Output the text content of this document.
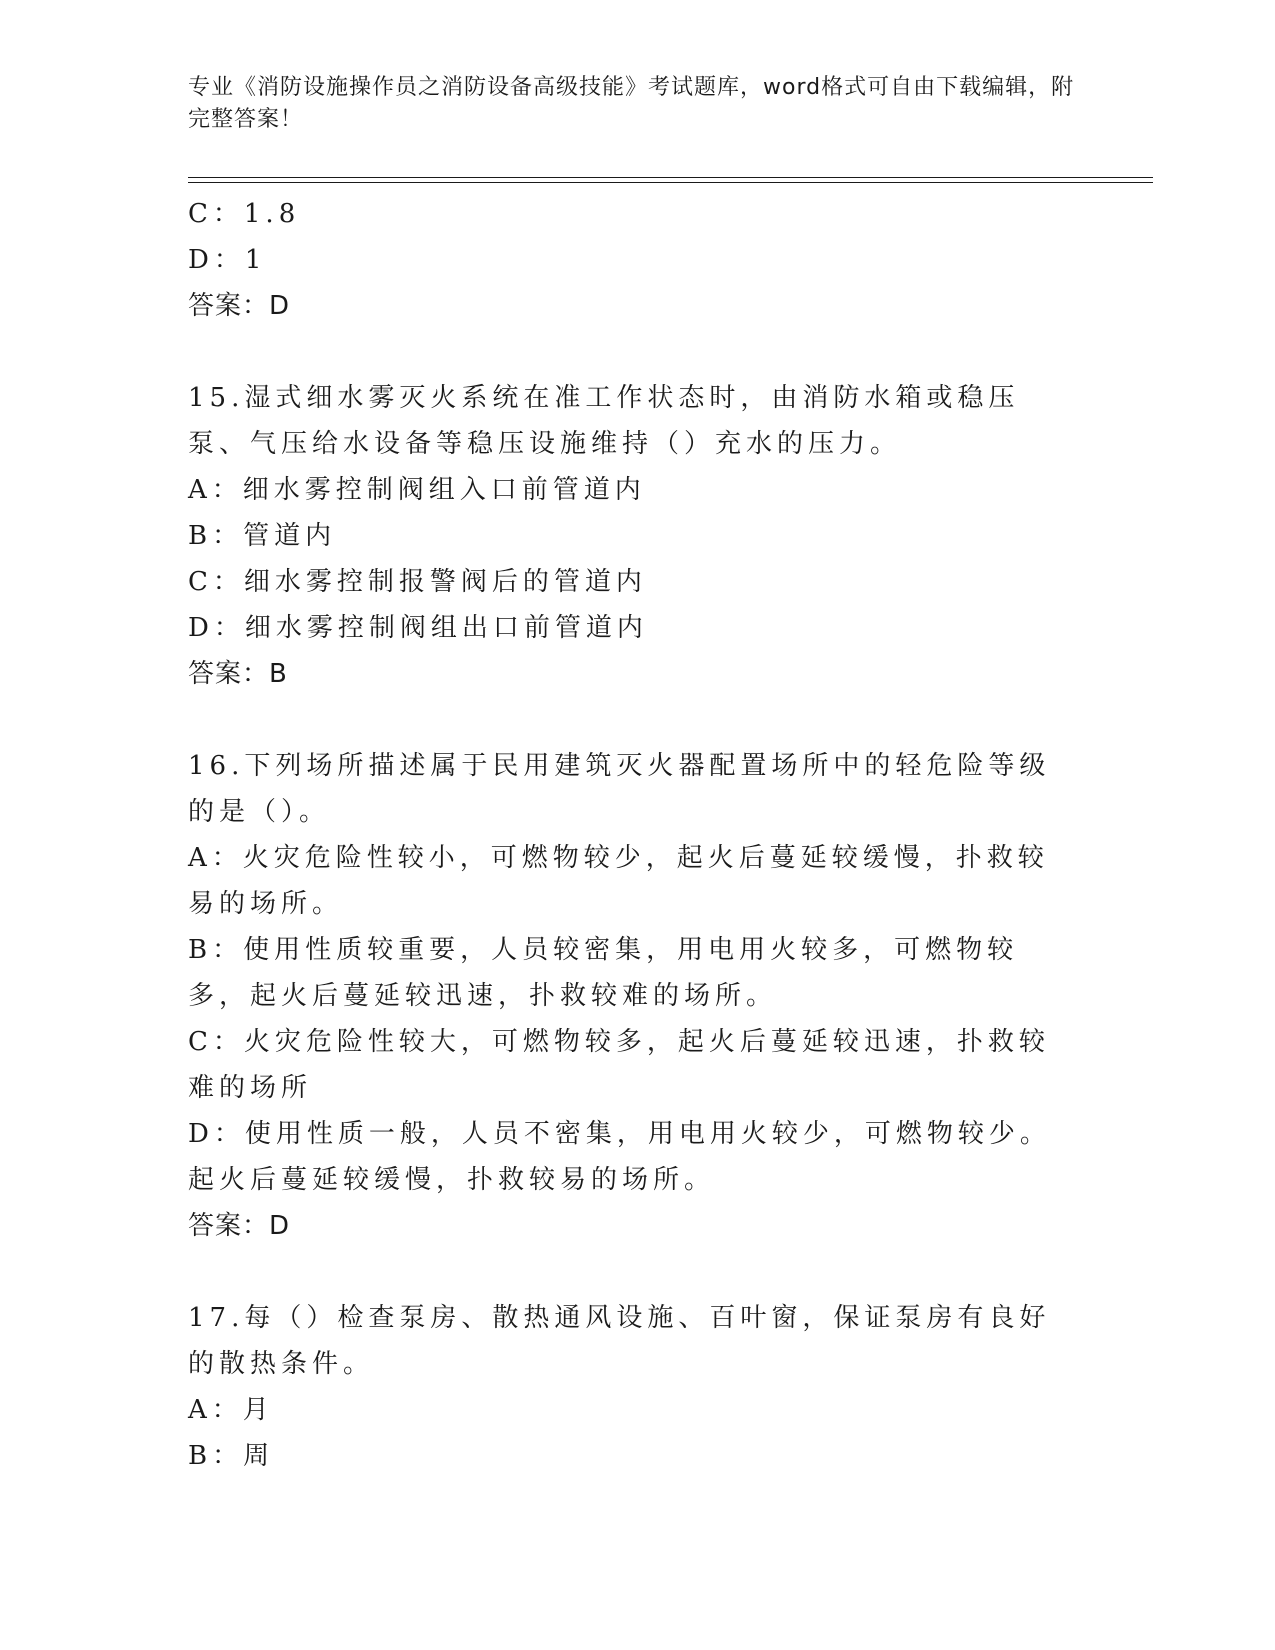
专业《消防设施操作员之消防设备高级技能》考试题库，word格式可自由下载编辑，附完整答案！
C：1.8
D：1
答案：D
15.湿式细水雾灭火系统在准工作状态时，由消防水箱或稳压泵、气压给水设备等稳压设施维持（）充水的压力。
A：细水雾控制阀组入口前管道内
B：管道内
C：细水雾控制报警阀后的管道内
D：细水雾控制阀组出口前管道内
答案：B
16.下列场所描述属于民用建筑灭火器配置场所中的轻危险等级的是（）。
A：火灾危险性较小，可燃物较少，起火后蔓延较缓慢，扑救较易的场所。
B：使用性质较重要，人员较密集，用电用火较多，可燃物较多，起火后蔓延较迅速，扑救较难的场所。
C：火灾危险性较大，可燃物较多，起火后蔓延较迅速，扑救较难的场所
D：使用性质一般，人员不密集，用电用火较少，可燃物较少。起火后蔓延较缓慢，扑救较易的场所。
答案：D
17.每（）检查泵房、散热通风设施、百叶窗，保证泵房有良好的散热条件。
A：月
B：周
